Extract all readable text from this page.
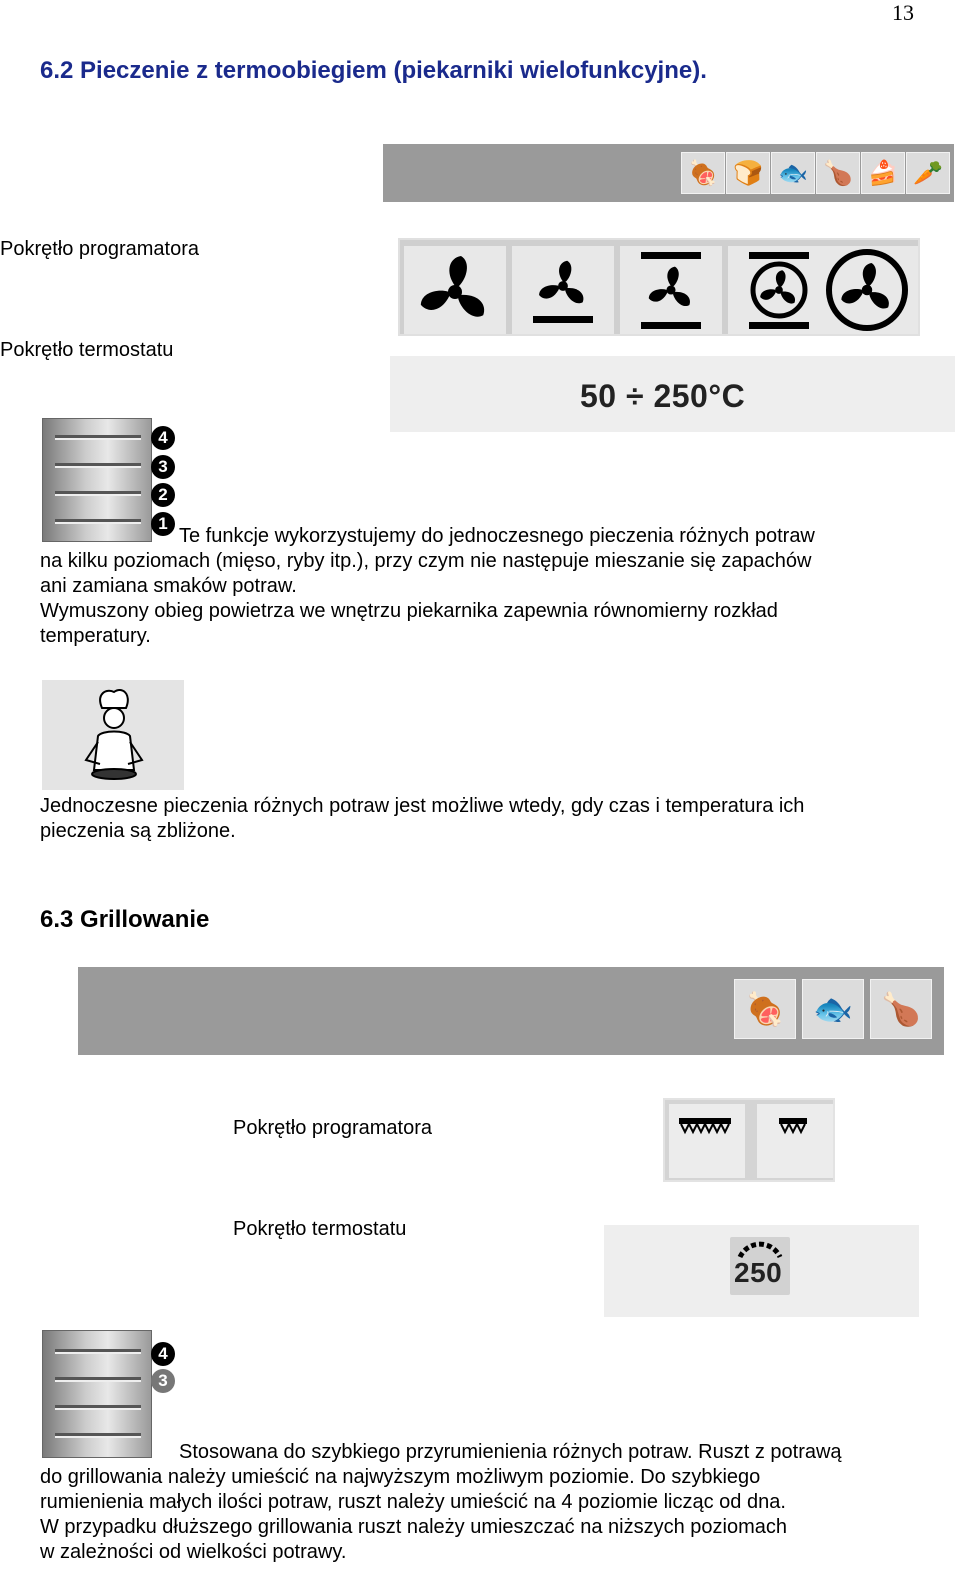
13
6.2 Pieczenie z termoobiegiem (piekarniki wielofunkcyjne).
🍖 🍞 🐟 🍗 🍰 🥕
Pokrętło programatora
Pokrętło termostatu
50 ÷ 250°C
4
3
2
1
Te funkcje wykorzystujemy do jednoczesnego pieczenia różnych potraw
na kilku poziomach (mięso, ryby itp.), przy czym nie następuje mieszanie się zapachów
ani zamiana smaków potraw.
Wymuszony obieg powietrza we wnętrzu piekarnika zapewnia równomierny rozkład
temperatury.
Jednoczesne pieczenia różnych potraw jest możliwe wtedy, gdy czas i temperatura ich
pieczenia są zbliżone.
6.3 Grillowanie
🍖 🐟 🍗
Pokrętło programatora
Pokrętło termostatu
250
4
3
Stosowana do szybkiego przyrumienienia różnych potraw. Ruszt z potrawą
do grillowania należy umieścić na najwyższym możliwym poziomie. Do szybkiego
rumienienia małych ilości potraw, ruszt należy umieścić na 4 poziomie licząc od dna.
W przypadku dłuższego grillowania ruszt należy umieszczać na niższych poziomach
w zależności od wielkości potrawy.
